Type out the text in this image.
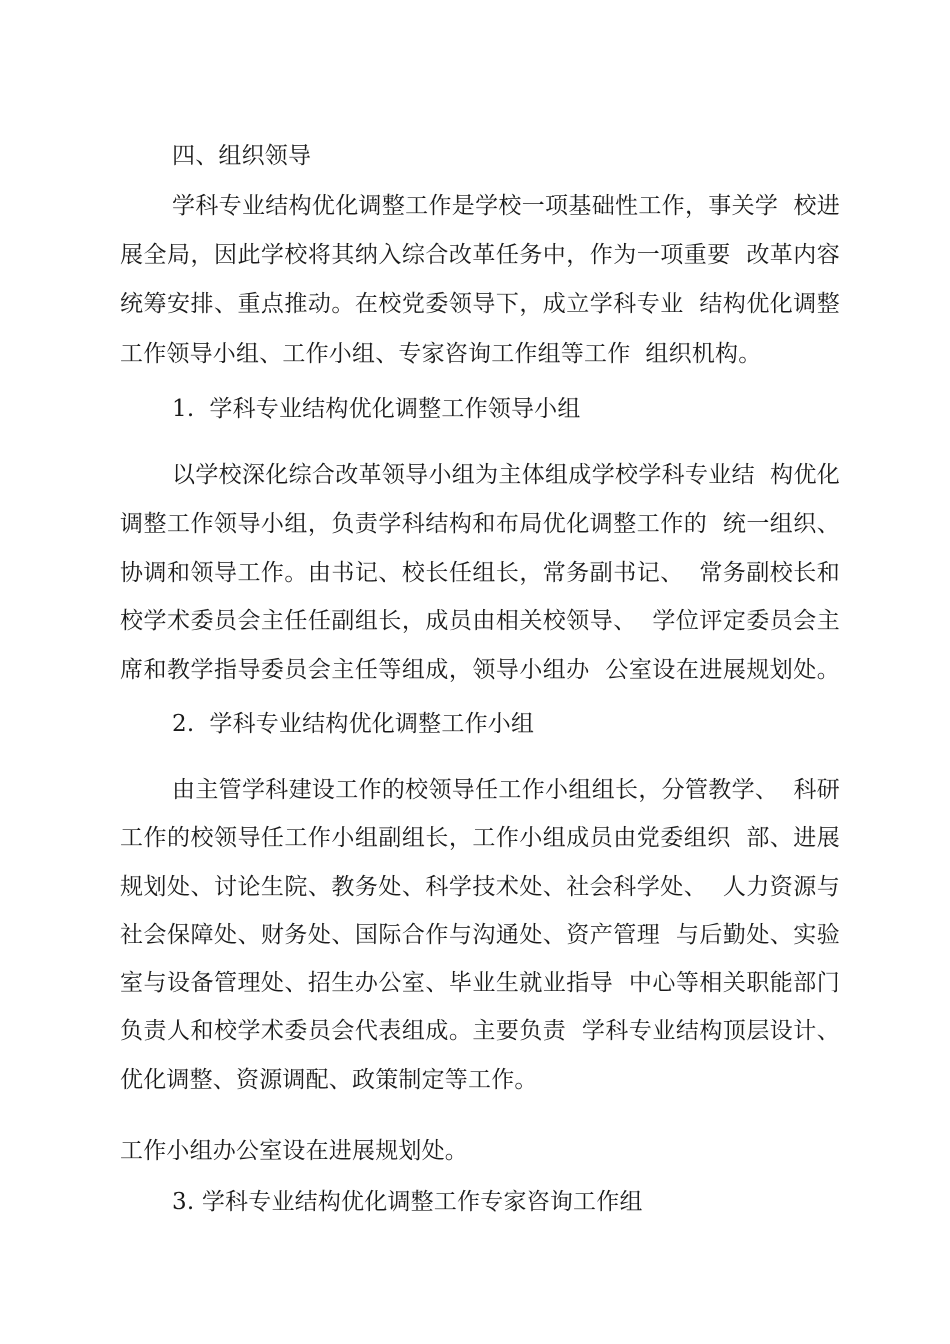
四、组织领导
学科专业结构优化调整工作是学校一项基础性工作，事关学  校进
展全局，因此学校将其纳入综合改革任务中，作为一项重要  改革内容
统筹安排、重点推动。在校党委领导下，成立学科专业  结构优化调整
工作领导小组、工作小组、专家咨询工作组等工作  组织机构。
1.  学科专业结构优化调整工作领导小组
以学校深化综合改革领导小组为主体组成学校学科专业结  构优化
调整工作领导小组，负责学科结构和布局优化调整工作的  统一组织、
协调和领导工作。由书记、校长任组长，常务副书记、  常务副校长和
校学术委员会主任任副组长，成员由相关校领导、  学位评定委员会主
席和教学指导委员会主任等组成，领导小组办  公室设在进展规划处。
2.  学科专业结构优化调整工作小组
由主管学科建设工作的校领导任工作小组组长，分管教学、  科研
工作的校领导任工作小组副组长，工作小组成员由党委组织  部、进展
规划处、讨论生院、教务处、科学技术处、社会科学处、  人力资源与
社会保障处、财务处、国际合作与沟通处、资产管理  与后勤处、实验
室与设备管理处、招生办公室、毕业生就业指导  中心等相关职能部门
负责人和校学术委员会代表组成。主要负责  学科专业结构顶层设计、
优化调整、资源调配、政策制定等工作。
工作小组办公室设在进展规划处。
3. 学科专业结构优化调整工作专家咨询工作组
